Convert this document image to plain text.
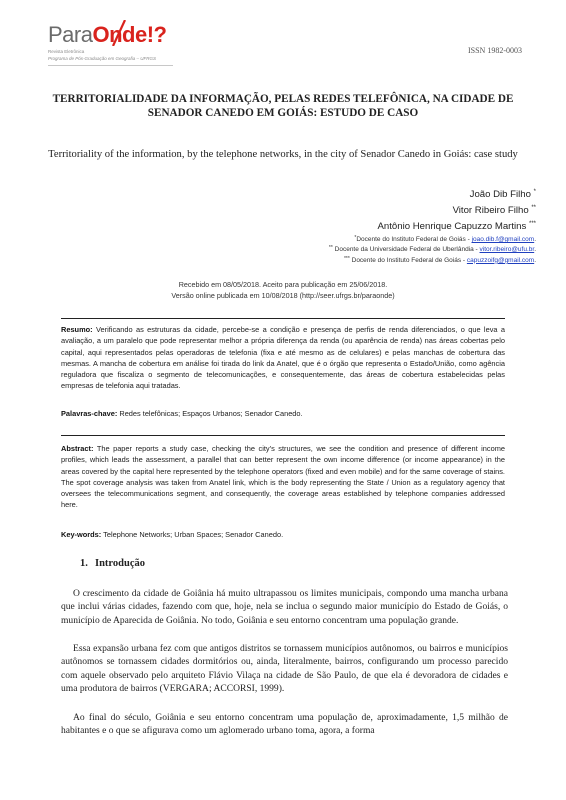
ParaOnde!?
Revista Eletrônica
Programa de Pós-Graduação em Geografia – UFRGS
ISSN 1982-0003
TERRITORIALIDADE DA INFORMAÇÃO, PELAS REDES TELEFÔNICA, NA CIDADE DE SENADOR CANEDO EM GOIÁS: ESTUDO DE CASO
Territoriality of the information, by the telephone networks, in the city of Senador Canedo in Goiás: case study
João Dib Filho *
Vitor Ribeiro Filho **
Antônio Henrique Capuzzo Martins ***
*Docente do Instituto Federal de Goiás - joao.dib.f@gmail.com.
** Docente da Universidade Federal de Uberlândia - vitor.ribeiro@ufu.br.
*** Docente do Instituto Federal de Goiás - capuzzoifg@gmail.com.
Recebido em 08/05/2018. Aceito para publicação em 25/06/2018.
Versão online publicada em 10/08/2018 (http://seer.ufrgs.br/paraonde)
Resumo: Verificando as estruturas da cidade, percebe-se a condição e presença de perfis de renda diferenciados, o que leva a avaliação, a um paralelo que pode representar melhor a própria diferença da renda (ou aparência de renda) nas áreas cobertas pelo capital, aqui representados pelas operadoras de telefonia (fixa e até mesmo as de celulares) e pelas manchas de cobertura das mesmas. A mancha de cobertura em análise foi tirada do link da Anatel, que é o órgão que representa o Estado/União, como agência reguladora que fiscaliza o segmento de telecomunicações, e consequentemente, das áreas de cobertura estabelecidas pelas empresas de telefonia aqui tratadas.
Palavras-chave: Redes telefônicas; Espaços Urbanos; Senador Canedo.
Abstract: The paper reports a study case, checking the city’s structures, we see the condition and presence of different income profiles, which leads the assessment, a parallel that can better represent the own income difference (or income appearance) in the areas covered by the capital here represented by the telephone operators (fixed and even mobile) and for the same coverage of stains. The spot coverage analysis was taken from Anatel link, which is the body representing the State / Union as a regulatory agency that oversees the telecommunications segment, and consequently, the coverage areas established by telephone companies addressed here.
Key-words: Telephone Networks; Urban Spaces; Senador Canedo.
1. Introdução
O crescimento da cidade de Goiânia há muito ultrapassou os limites municipais, compondo uma mancha urbana que inclui várias cidades, fazendo com que, hoje, nela se inclua o segundo maior município do Estado de Goiás, o município de Aparecida de Goiânia. No todo, Goiânia e seu entorno concentram uma população grande.
Essa expansão urbana fez com que antigos distritos se tornassem municípios autônomos, ou bairros e municípios autônomos se tornassem cidades dormitórios ou, ainda, literalmente, bairros, configurando um processo parecido com aquele observado pelo arquiteto Flávio Vilaça na cidade de São Paulo, de que ela é devoradora de cidades e uma produtora de bairros (VERGARA; ACCORSI, 1999).
Ao final do século, Goiânia e seu entorno concentram uma população de, aproximadamente, 1,5 milhão de habitantes e o que se afigurava como um aglomerado urbano toma, agora, a forma
